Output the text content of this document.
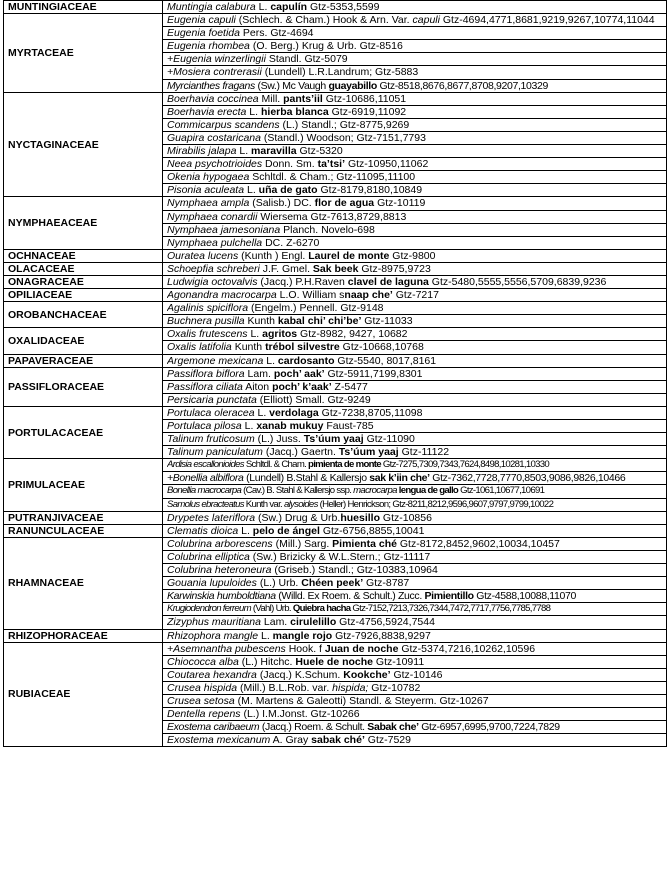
MUNTINGIACEAE	Muntingia calabura L. capulín Gtz-5353,5599

MYRTACEAE	Eugenia capuli (Schlech. & Cham.) Hook & Arn. Var. capuli Gtz-4694,4771,8681,9219,9267,10774,11044

	Eugenia foetida Pers. Gtz-4694

	Eugenia rhombea (O. Berg.) Krug & Urb. Gtz-8516

	+Eugenia winzerlingii Standl. Gtz-5079

	+Mosiera contrerasii (Lundell) L.R.Landrum; Gtz-5883

	Myrcianthes fragans (Sw.) Mc Vaugh guayabillo Gtz-8518,8676,8677,8708,9207,10329

NYCTAGINACEAE	Boerhavia coccinea Mill. pants’iil Gtz-10686,11051

	Boerhavia erecta L. hierba blanca Gtz-6919,11092

	Commicarpus scandens (L.) Standl.; Gtz-8775,9269

	Guapira costaricana (Standl.) Woodson; Gtz-7151,7793

	Mirabilis jalapa L. maravilla Gtz-5320

	Neea psychotrioides Donn. Sm. ta’tsi’ Gtz-10950,11062

	Okenia hypogaea Schltdl. & Cham.; Gtz-11095,11100

	Pisonia aculeata L. uña de gato Gtz-8179,8180,10849

NYMPHAEACEAE	Nymphaea ampla (Salisb.) DC. flor de agua Gtz-10119

	Nymphaea conardii Wiersema Gtz-7613,8729,8813

	Nymphaea jamesoniana Planch. Novelo-698

	Nymphaea pulchella DC. Z-6270

OCHNACEAE	Ouratea lucens (Kunth ) Engl. Laurel de monte Gtz-9800

OLACACEAE	Schoepfia schreberi J.F. Gmel. Sak beek Gtz-8975,9723

ONAGRACEAE	Ludwigia octovalvis (Jacq.) P.H.Raven clavel de laguna Gtz-5480,5555,5556,5709,6839,9236

OPILIACEAE	Agonandra macrocarpa L.O. William snaap che’ Gtz-7217

OROBANCHACEAE	Agalinis spiciflora (Engelm.) Pennell. Gtz-9148

	Buchnera pusilla Kunth kabal chi’ chi’be’ Gtz-11033

OXALIDACEAE	Oxalis frutescens L. agritos Gtz-8982, 9427, 10682

	Oxalis latifolia Kunth trébol silvestre Gtz-10668,10768

PAPAVERACEAE	Argemone mexicana L. cardosanto Gtz-5540, 8017,8161

PASSIFLORACEAE	Passiflora biflora Lam. poch’ aak’ Gtz-5911,7199,8301

	Passiflora ciliata Aiton poch’ k’aak’ Z-5477

	Persicaria punctata (Elliott) Small. Gtz-9249

PORTULACACEAE	Portulaca oleracea L. verdolaga Gtz-7238,8705,11098

	Portulaca pilosa L. xanab mukuy Faust-785

	Talinum fruticosum (L.) Juss. Ts’úum yaaj Gtz-11090

	Talinum paniculatum (Jacq.) Gaertn. Ts’úum yaaj Gtz-11122

PRIMULACEAE	Ardisia escallonioides Schltdl. & Cham. pimienta de monte Gtz-7275,7309,7343,7624,8498,10281,10330

	+Bonellia albiflora (Lundell) B.Stahl & Kallersjo sak k’iin che’ Gtz-7362,7728,7770,8503,9086,9826,10466

	Bonellia macrocarpa (Cav.) B. Stahl & Kallersjo ssp. macrocarpa lengua de gallo Gtz-1061,10677,10691

	Samolus ebracteatus Kunth var. alysoides (Heller) Henrickson; Gtz-8211,8212,9596,9607,9797,9799,10022

PUTRANJIVACEAE	Drypetes lateriflora (Sw.) Drug & Urb.huesillo Gtz-10856

RANUNCULACEAE	Clematis dioica L. pelo de ángel Gtz-6756,8855,10041

RHAMNACEAE	Colubrina arborescens (Mill.) Sarg. Pimienta ché Gtz-8172,8452,9602,10034,10457

	Colubrina elliptica (Sw.) Brizicky & W.L.Stern.; Gtz-11117

	Colubrina heteroneura (Griseb.) Standl.; Gtz-10383,10964

	Gouania lupuloides (L.) Urb. Chéen peek’ Gtz-8787

	Karwinskia humboldtiana (Willd. Ex Roem. & Schult.) Zucc. Pimientillo Gtz-4588,10088,11070

	Krugiodendron ferreum (Vahl) Urb. Quiebra hacha Gtz-7152,7213,7326,7344,7472,7717,7756,7785,7788

	Zizyphus mauritiana Lam. cirulelillo Gtz-4756,5924,7544

RHIZOPHORACEAE	Rhizophora mangle L. mangle rojo Gtz-7926,8838,9297

RUBIACEAE	+Asemnantha pubescens Hook. f Juan de noche Gtz-5374,7216,10262,10596

	Chiococca alba (L.) Hitchc. Huele de noche Gtz-10911

	Coutarea hexandra (Jacq.) K.Schum. Kookche’ Gtz-10146

	Crusea hispida (Mill.) B.L.Rob. var. hispida; Gtz-10782

	Crusea setosa (M. Martens & Galeotti) Standl. & Steyerm. Gtz-10267

	Dentella repens (L.) I.M.Jonst. Gtz-10266

	Exostema caribaeum (Jacq.) Roem. & Schult. Sabak che’ Gtz-6957,6995,9700,7224,7829

	Exostema mexicanum A. Gray sabak ché’ Gtz-7529
